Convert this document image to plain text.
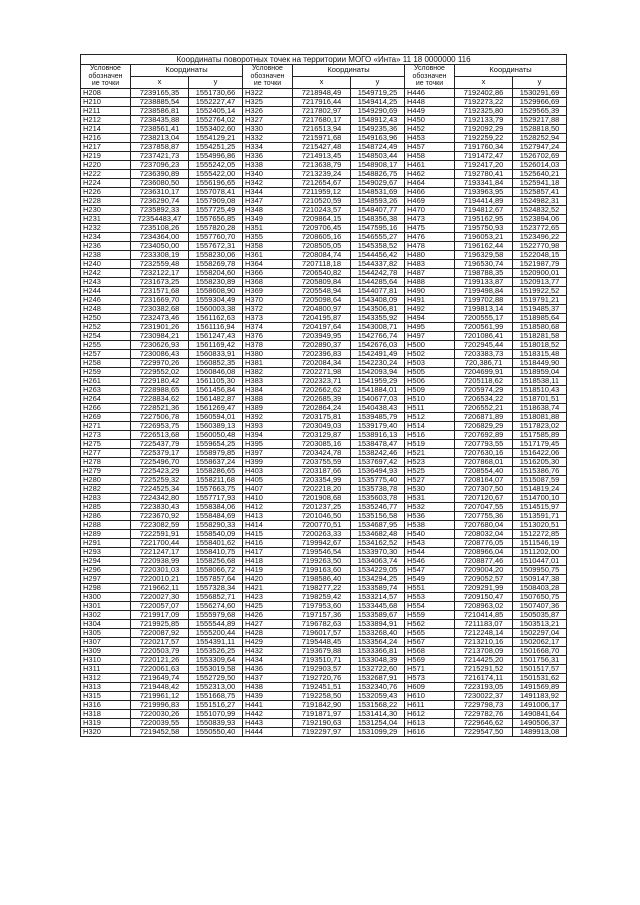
Координаты поворотных точек на территории МОГО «Инта» 11 18 0000000 116								
Условное
обозначен
ие точки	Координаты		Условное
обозначен
ие точки	Координаты		Условное
обозначен
ие точки	Координаты	
	х	у		х	у		х	у
Н208	7239165,35	1551730,66	Н322	7218948,49	1549719,25	Н446	7192402,86	1530291,69
Н210	7238885,54	1552227,47	Н325	7217916,44	1549414,25	Н448	7192273,22	1529966,69
Н211	7238586,81	1552405,14	Н326	7217802,97	1549290,69	Н449	7192325,80	1529565,39
Н212	7238435,88	1552764,02	Н327	7217680,17	1548912,43	Н450	7192133,79	1529217,88
Н214	7238561,41	1553402,60	Н330	7216513,94	1549235,36	Н452	7192092,29	1528818,50
Н216	7238213,04	1554129,21	Н332	7215971,68	1549163,96	Н453	7192259,22	1528252,94
Н217	7237858,87	1554251,25	Н334	7215427,48	1548724,49	Н457	7191760,34	1527947,24
Н219	7237421,73	1554996,86	Н336	7214913,45	1548503,44	Н458	7191472,47	1526702,69
Н220	7237096,23	1555242,05	Н338	7213638,79	1548908,17	Н461	7192417,20	1526014,03
Н222	7236390,89	1555422,00	Н340	7213239,24	1548826,75	Н462	7192780,41	1525640,21
Н224	7236080,50	1556196,65	Н342	7212654,67	1549029,67	Н464	7193341,84	1525941,18
Н226	7236310,17	1557078,41	Н344	7211959,12	1548531,69	Н466	7193963,95	1525857,41
Н228	7236290,74	1557909,08	Н347	7210520,59	1548593,26	Н469	7194414,89	1524982,31
Н230	7235892,33	1557725,49	Н348	7210243,57	1548407,77	Н470	7194812,67	1524832,52
Н231	72354483,47	1557656,85	Н349	7209864,15	1548356,38	Н473	7195162,95	1523894,06
Н232	7235108,26	1557820,28	Н351	7209706,45	1547595,16	Н475	7195750,93	1523772,65
Н234	7234364,00	1557760,70	Н355	7208605,16	1546555,27	Н476	7196053,21	1523496,22
Н236	7234050,00	1557672,31	Н358	7208505,05	1545358,52	Н478	7196162,44	1522770,98
Н238	7233308,19	1558230,06	Н361	7208084,74	1544456,42	Н480	7196329,58	1522048,15
Н240	7232559,48	1558269,78	Н364	7207118,18	1544337,82	Н483	7196530,74	1521987,79
Н242	7232122,17	1558204,60	Н366	7206540,82	1544242,78	Н487	7198788,35	1520900,01
Н243	7231673,25	1558230,89	Н368	7205809,84	1544285,64	Н488	7199133,87	1520913,77
Н244	7231571,68	1558608,90	Н369	7205548,94	1544077,81	Н490	7199498,84	1519922,52
Н246	7231669,70	1559304,49	Н370	7205098,64	1543408,09	Н491	7199702,88	1519791,21
Н248	7230382,68	1560003,38	Н372	7204800,97	1543506,81	Н492	7199813,14	1519485,37
Н250	7232473,46	1561162,63	Н373	7204195,87	1543355,92	Н494	7200555,17	1518985,64
Н252	7231901,26	1561116,94	Н374	7204197,64	1543008,71	Н495	7200561,99	1518580,68
Н254	7230984,21	1561247,43	Н376	7203949,95	1542766,74	Н497	7201086,41	1518281,58
Н255	7230626,93	1561169,42	Н378	7202890,37	1542676,03	Н500	7202945,44	1518018,52
Н257	7230086,43	1560833,91	Н380	7202396,83	1542491,49	Н502	7203383,73	1518315,48
Н258	7229970,26	1560852,35	Н381	7202084,34	1542230,24	Н503	720,386,71	1518449,90
Н259	7229552,02	1560846,08	Н382	7202271,98	1542093,94	Н505	7204699,91	1518959,04
Н261	7229180,42	1561105,30	Н383	7202323,71	1541959,29	Н506	7205118,62	1518538,11
Н263	7228988,65	1561456,84	Н384	7202662,62	1541884,01	Н509	7205974,29	1518510,43
Н264	7228834,62	1561482,87	Н388	7202685,39	1540677,03	Н510	7206534,22	1518701,51
Н266	7228521,36	1561269,47	Н389	7202864,24	1540438,43	Н511	7206552,21	1518638,74
Н269	7227506,78	1560594,01	Н392	7203175,81	1539485,79	Н512	7206871,89	1518081,88
Н271	7226953,75	1560389,13	Н393	7203049,03	1539179,40	Н514	7206829,29	1517823,02
Н273	7226513,68	1560050,48	Н394	7203129,87	1538916,13	Н516	7207692,89	1517585,89
Н275	7225437,79	1559654,25	Н395	7203085,16	1538478,47	Н519	7207793,55	1517179,45
Н277	7225379,17	1558979,85	Н397	7203424,78	1538242,46	Н521	7207630,16	1516422,06
Н278	7225496,70	1558637,24	Н399	7203755,59	1537697,42	Н523	7207868,01	1516205,30
Н279	7225423,29	1558286,65	Н403	7203187,66	1536494,93	Н525	7208554,40	1515386,76
Н280	7225259,32	1558211,68	Н405	7203354,99	1535775,40	Н527	7208164,07	1515087,59
Н282	7224525,34	1557663,75	Н407	7202218,20	1535738,78	Н530	7207307,50	1514819,24
Н283	7224342,80	1557717,93	Н410	7201908,68	1535603,78	Н531	7207120,67	1514700,10
Н285	7223830,43	1558384,06	Н412	7201237,25	1535246,77	Н532	7207047,55	1514515,97
Н286	7223670,92	1558484,69	Н413	7201046,50	1535156,58	Н536	7207755,36	1513591,71
Н288	7223082,59	1558290,33	Н414	7200770,51	1534687,95	Н538	7207680,04	1513020,51
Н289	7222591,91	1558540,09	Н415	7200263,33	1534682,48	Н540	7208032,04	1512272,85
Н291	7221700,44	1558401,62	Н416	7199942,67	1534162,52	Н543	7208776,05	1511546,19
Н293	7221247,17	1558410,75	Н417	7199546,54	1533970,30	Н544	7208966,04	1511202,00
Н294	7220938,99	1558256,68	Н418	7199263,50	1534063,74	Н546	7208877,46	1510447,01
Н296	7220301,03	1558066,72	Н419	7199163,60	1534229,05	Н547	7209004,20	1509950,75
Н297	7220010,21	1557857,64	Н420	7198586,40	1534294,25	Н549	7209052,57	1509147,38
Н298	7219662,11	1557328,34	Н421	7198277,22	1533589,74	Н551	7209291,99	1508403,28
Н300	7220027,30	1556852,71	Н423	7198259,42	1533214,57	Н553	7209150,47	1507650,75
Н301	7220057,07	1556274,60	Н425	7197953,60	1533445,68	Н554	7208963,02	1507407,36
Н302	7219917,09	1555979,68	Н426	7197157,36	1533589,67	Н559	7210414,85	1505035,87
Н304	7219925,85	1555544,89	Н427	7196782,63	1533894,91	Н562	7211183,07	1503513,21
Н305	7220087,92	1555200,44	Н428	7196017,57	1533268,40	Н565	7212248,14	1502297,04
Н307	7220217,57	1554391,11	Н429	7195448,45	1533564,24	Н567	7213210,16	1502062,17
Н309	7220503,79	1553526,25	Н432	7193679,88	1533366,81	Н568	7213708,09	1501668,70
Н310	7220121,26	1553309,64	Н434	7193510,71	1533048,39	Н569	7214425,20	1501756,31
Н311	7220061,63	1553019,58	Н436	7192903,57	1532722,60	Н571	7215291,52	1501517,57
Н312	7219649,74	1552729,50	Н437	7192720,76	1532687,91	Н573	7216174,11	1501531,62
Н313	7219448,42	1552313,00	Н438	7192451,51	1532340,76	Н609	7223193,05	1491569,89
Н315	7219961,12	1551668,75	Н439	7192258,50	1532059,43	Н610	7230022,37	1491183,92
Н316	7219996,83	1551516,27	Н441	7191842,90	1531568,22	Н611	7229798,73	1491006,17
Н318	7220030,26	1551070,99	Н442	7191871,97	1531414,30	Н612	7229782,76	1490841,64
Н319	7220039,55	1550839,93	Н443	7192190,63	1531254,04	Н613	7229646,62	1490506,37
Н320	7219452,58	1550550,40	Н444	7192297,97	1531099,29	Н616	7229547,50	1489913,08
